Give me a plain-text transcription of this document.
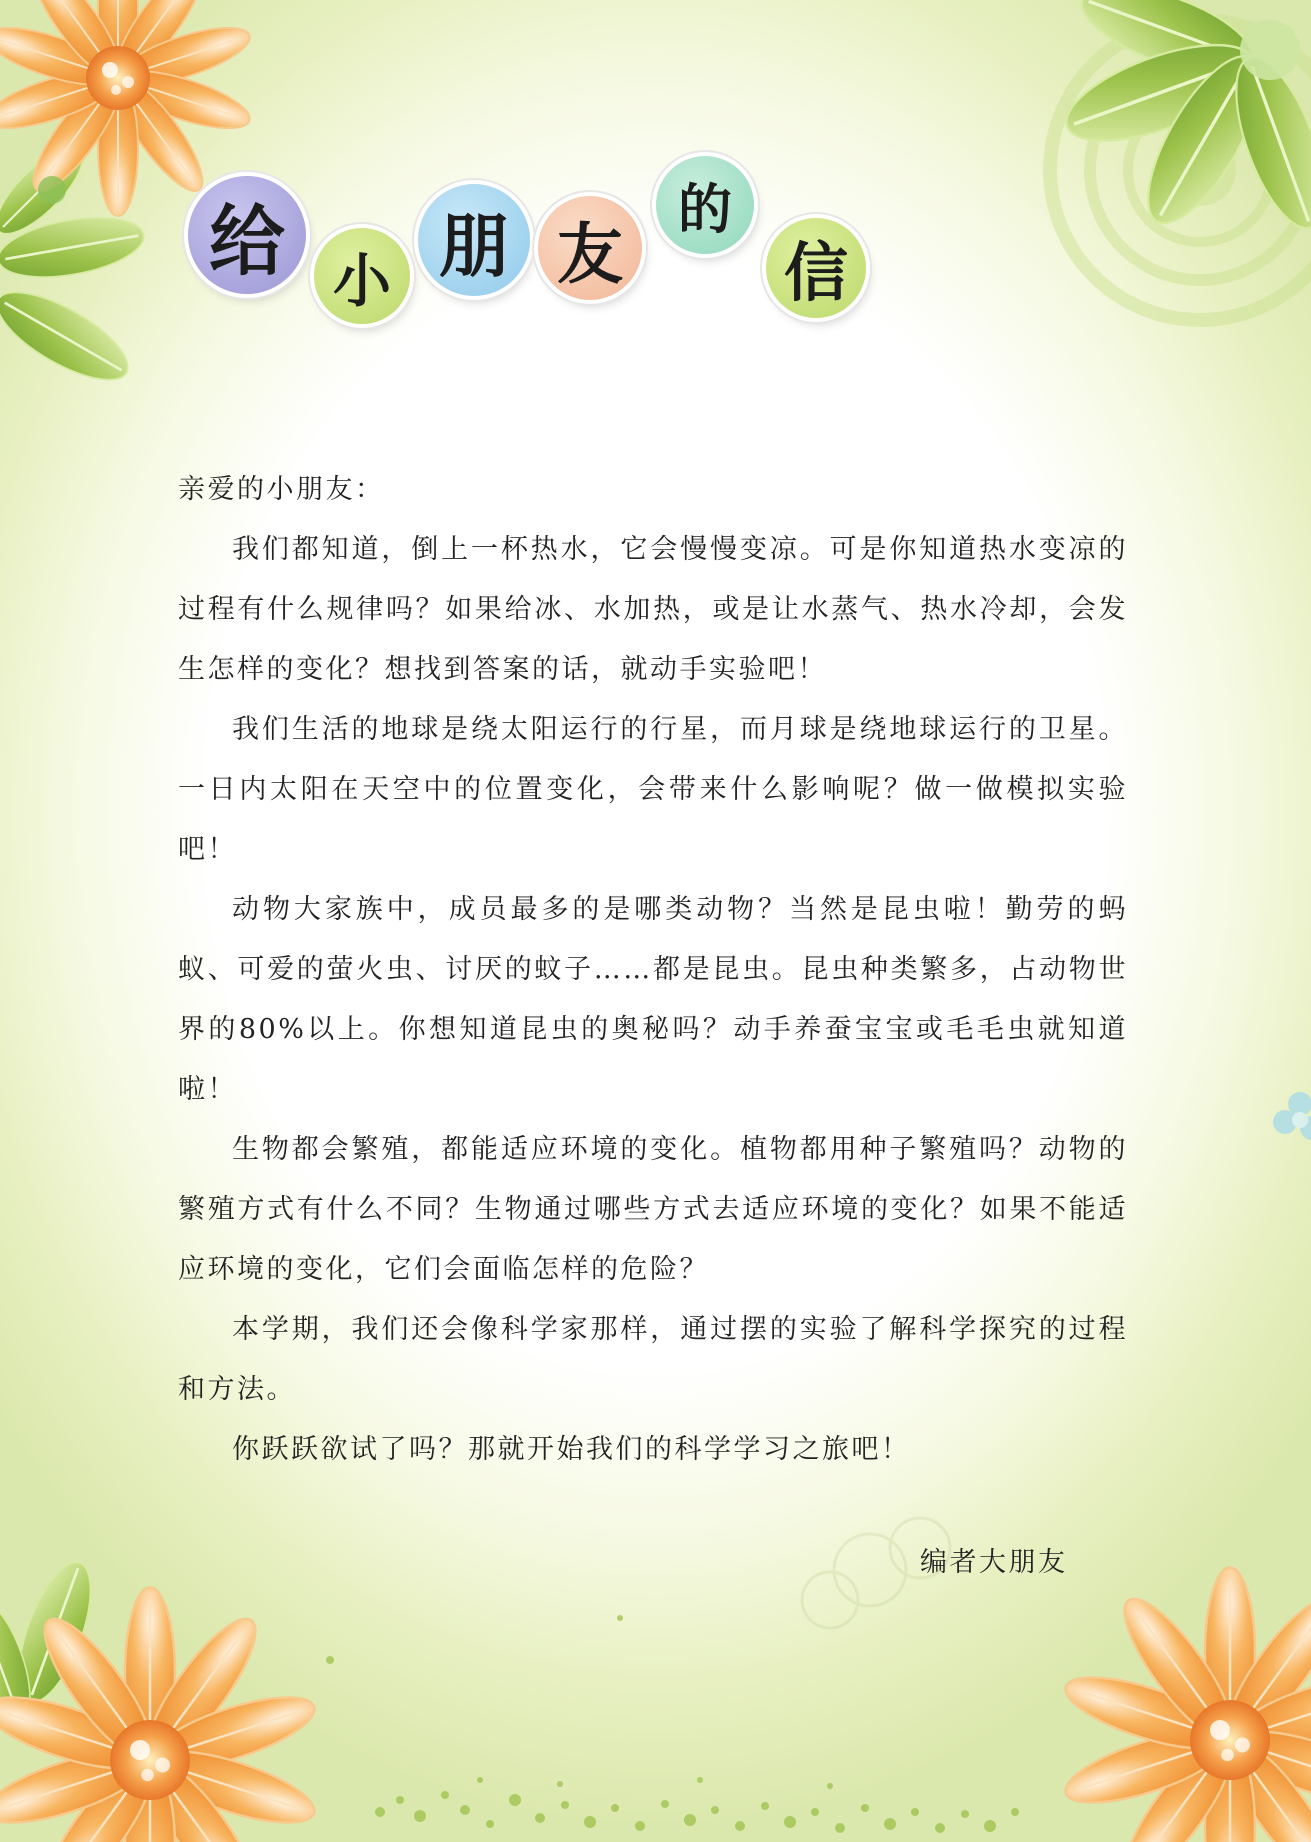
给 小 朋 友
的
信

亲爱的小朋友：

我们都知道，倒上一杯热水，它会慢慢变凉。可是你知道热水变凉的过程有什么规律吗？如果给冰、水加热，或是让水蒸气、热水冷却，会发生怎样的变化？想找到答案的话，就动手实验吧！

我们生活的地球是绕太阳运行的行星，而月球是绕地球运行的卫星。一日内太阳在天空中的位置变化，会带来什么影响呢？做一做模拟实验吧！

动物大家族中，成员最多的是哪类动物？当然是昆虫啦！勤劳的蚂蚁、可爱的萤火虫、讨厌的蚊子……都是昆虫。昆虫种类繁多，占动物世界的80%以上。你想知道昆虫的奥秘吗？动手养蚕宝宝或毛毛虫就知道啦！

生物都会繁殖，都能适应环境的变化。植物都用种子繁殖吗？动物的繁殖方式有什么不同？生物通过哪些方式去适应环境的变化？如果不能适应环境的变化，它们会面临怎样的危险？

本学期，我们还会像科学家那样，通过摆的实验了解科学探究的过程和方法。

你跃跃欲试了吗？那就开始我们的科学学习之旅吧！

编者大朋友
